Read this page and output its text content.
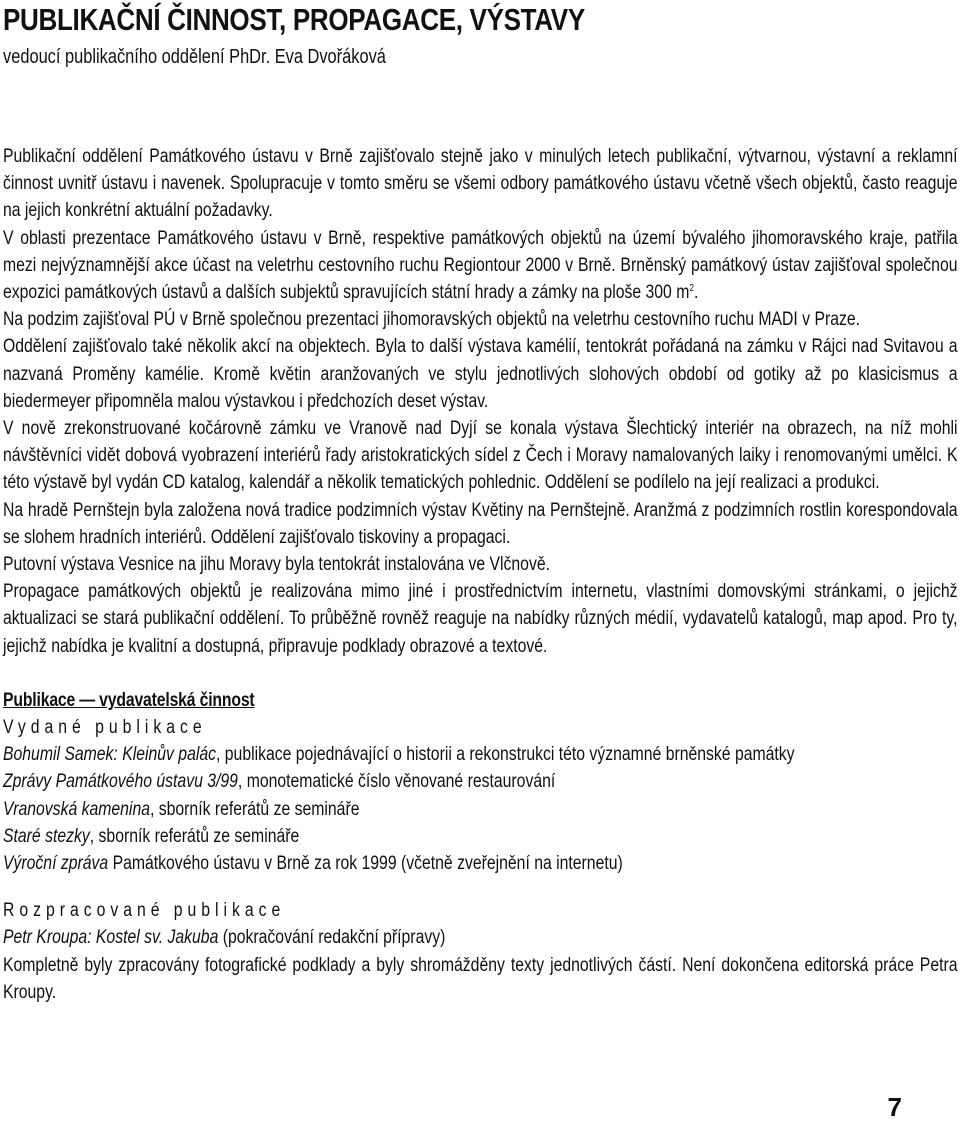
PUBLIKAČNÍ ČINNOST, PROPAGACE, VÝSTAVY
vedoucí publikačního oddělení PhDr. Eva Dvořáková

Publikační oddělení Památkového ústavu v Brně zajišťovalo stejně jako v minulých letech publikační, výtvarnou, výstavní a reklamní činnost uvnitř ústavu i navenek. Spolupracuje v tomto směru se všemi odbory památkového ústavu včetně všech objektů, často reaguje na jejich konkrétní aktuální požadavky.

V oblasti prezentace Památkového ústavu v Brně, respektive památkových objektů na území bývalého jihomoravského kraje, patřila mezi nejvýznamnější akce účast na veletrhu cestovního ruchu Regiontour 2000 v Brně. Brněnský památkový ústav zajišťoval společnou expozici památkových ústavů a dalších subjektů spravujících státní hrady a zámky na ploše 300 $m^2$.

Na podzim zajišťoval PÚ v Brně společnou prezentaci jihomoravských objektů na veletrhu cestovního ruchu MADI v Praze.

Oddělení zajišťovalo také několik akcí na objektech. Byla to další výstava kamélií, tentokrát pořádaná na zámku v Rájci nad Svitavou a nazvaná Proměny kamélie. Kromě květin aranžovaných ve stylu jednotlivých slohových období od gotiky až po klasicismus a biedermeyer připomněla malou výstavkou i předchozích deset výstav.

V nově zrekonstruované kočárovně zámku ve Vranově nad Dyjí se konala výstava Šlechtický interiér na obrazech, na níž mohli návštěvníci vidět dobová vyobrazení interiérů řady aristokratických sídel z Čech i Moravy namalovaných laiky i renomovanými umělci. K této výstavě byl vydán CD katalog, kalendář a několik tematických pohlednic. Oddělení se podílelo na její realizaci a produkci.

Na hradě Pernštejn byla založena nová tradice podzimních výstav Květiny na Pernštejně. Aranžmá z podzimních rostlin korespondovala se slohem hradních interiérů. Oddělení zajišťovalo tiskoviny a propagaci.

Putovní výstava Vesnice na jihu Moravy byla tentokrát instalována ve Vlčnově.

Propagace památkových objektů je realizována mimo jiné i prostřednictvím internetu, vlastními domovskými stránkami, o jejichž aktualizaci se stará publikační oddělení. To průběžně rovněž reaguje na nabídky různých médií, vydavatelů katalogů, map apod. Pro ty, jejichž nabídka je kvalitní a dostupná, připravuje podklady obrazové a textové.

Publikace — vydavatelská činnost

Vydané publikace

Bohumil Samek: Kleinův palác, publikace pojednávající o historii a rekonstrukci této významné brněnské památky

Zprávy Památkového ústavu 3/99, monotematické číslo věnované restaurování

Vranovská kamenina, sborník referátů ze semináře

Staré stezky, sborník referátů ze semináře

Výroční zpráva Památkového ústavu v Brně za rok 1999 (včetně zveřejnění na internetu)

Rozpracované publikace

Petr Kroupa: Kostel sv. Jakuba (pokračování redakční přípravy)

Kompletně byly zpracovány fotografické podklady a byly shromážděny texty jednotlivých částí. Není dokončena editorská práce Petra Kroupy.

7
